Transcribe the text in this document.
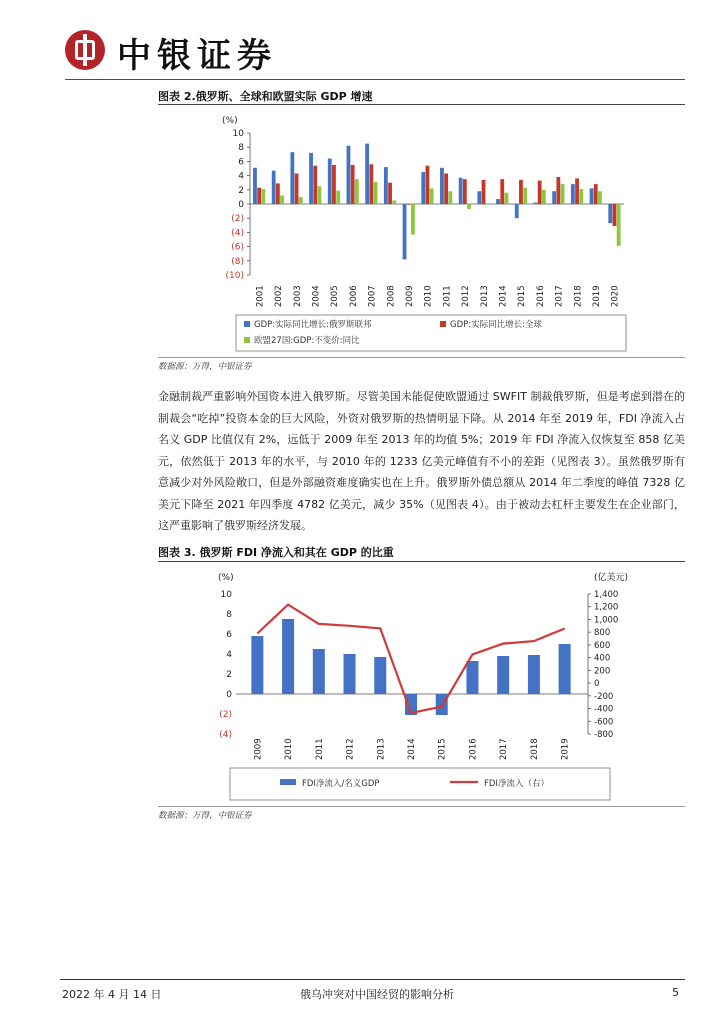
中银证券
图表 2.俄罗斯、全球和欧盟实际 GDP 增速
(%)
10
8
6
4
2
0
(2)
(4)
(6)
(8)
(10)
2001 2002 2003 2004 2005 2006 2007 2008 2009 2010 2011 2012 2013 2014 2015 2016 2017 2018 2019 2020
GDP:实际同比增长:俄罗斯联邦	GDP:实际同比增长:全球
欧盟27国:GDP:不变价:同比
数据源：万得，中银证券
金融制裁严重影响外国资本进入俄罗斯。尽管美国未能促使欧盟通过 SWFIT 制裁俄罗斯，但是考虑到潜在的制裁会“吃掉”投资本金的巨大风险，外资对俄罗斯的热情明显下降。从 2014 年至 2019 年，FDI 净流入占名义 GDP 比值仅有 2%，远低于 2009 年至 2013 年的均值 5%；2019 年 FDI 净流入仅恢复至 858 亿美元，依然低于 2013 年的水平，与 2010 年的 1233 亿美元峰值有不小的差距（见图表 3）。虽然俄罗斯有意减少对外风险敞口，但是外部融资难度确实也在上升。俄罗斯外债总额从 2014 年二季度的峰值 7328 亿美元下降至 2021 年四季度 4782 亿美元，减少 35%（见图表 4）。由于被动去杠杆主要发生在企业部门，这严重影响了俄罗斯经济发展。
图表 3. 俄罗斯 FDI 净流入和其在 GDP 的比重
(%)	(亿美元)
10
8
6
4
2
0
(2)
(4)
1,400
1,200
1,000
800
600
400
200
0
-200
-400
-600
-800
2009 2010 2011 2012 2013 2014 2015 2016 2017 2018 2019
FDI净流入/名义GDP	FDI净流入（右）
数据源：万得，中银证券
2022 年 4 月 14 日	俄乌冲突对中国经贸的影响分析	5
